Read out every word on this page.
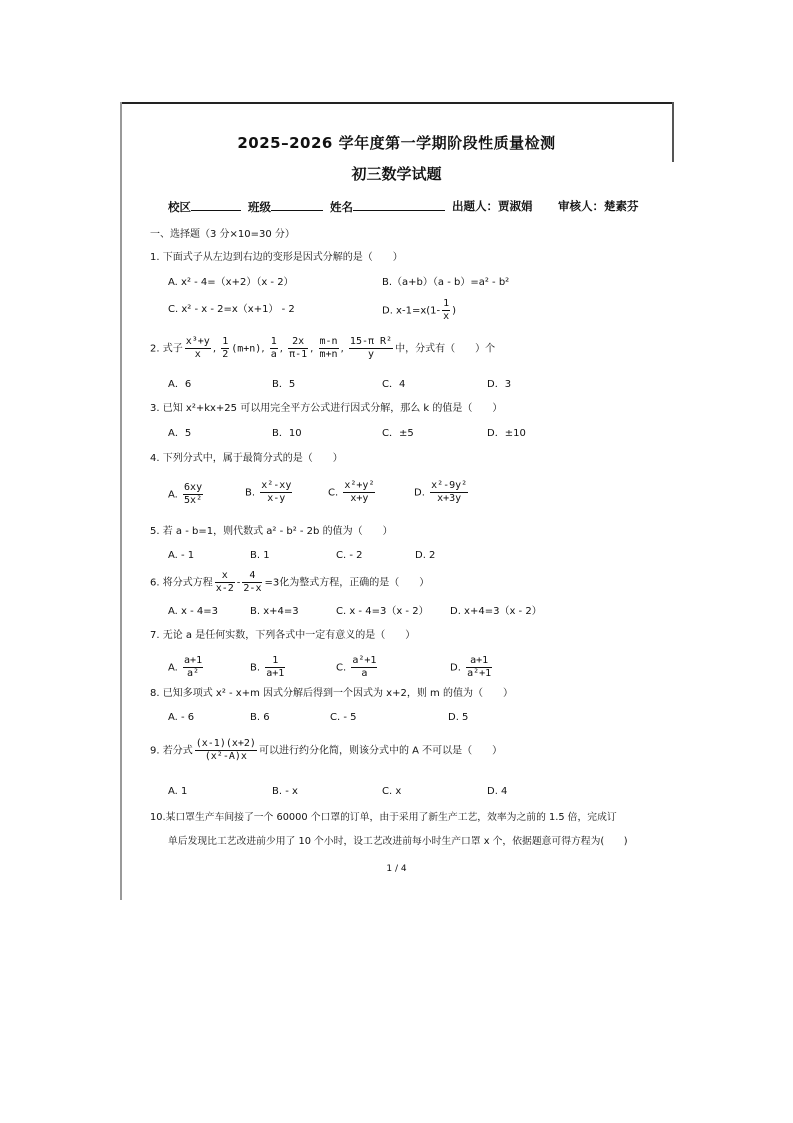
2025–2026 学年度第一学期阶段性质量检测
初三数学试题
校区	班级	姓名	出题人：贾淑娟 审核人：楚素芬
一、选择题（3 分×10=30 分）
1. 下面式子从左边到右边的变形是因式分解的是（　　）
A. x² - 4=（x+2）（x - 2）	B.（a+b）（a - b）=a² - b²
C. x² - x - 2=x（x+1） - 2	D. $x-1=x(1- \frac{1}{x}$ )
2. 式子 $\frac{\text{x³+y}}{x}$ , $\frac{1}{2} (m+n)$, $\frac{1}{a}$ , $\frac{2x}{\pi-1}$ , $\frac{m-n}{m+n}$ , $\frac{\text{15-π R²}}{y}$ 中，分式有（　　）个
A．6	B．5	C．4	D．3
3. 已知 x²+kx+25 可以用完全平方公式进行因式分解，那么 k 的值是（　　）
A．5	B．10	C．±5	D．±10
4. 下列分式中，属于最简分式的是（　　）
A. $\frac{6xy}{\text{5x²}}$	B. $\frac{\text{x²-xy}}{x-y}$	C. $\frac{\text{x²+y²}}{x+y}$	D. $\frac{\text{x²-9y²}}{x+3y}$
5. 若 a - b=1，则代数式 a² - b² - 2b 的值为（　　）
A. - 1	B. 1	C. - 2	D. 2
6. 将分式方程 $\frac{x}{x-2} - \frac{4}{2-x} =3$化为整式方程，正确的是（　　）
A. x - 4=3	B. x+4=3	C. x - 4=3（x - 2） D. x+4=3（x - 2）
7. 无论 a 是任何实数，下列各式中一定有意义的是（　　）
A. $\frac{a+1}{\text{a²}}$	B. $\frac{1}{a+1}$	C. $\frac{\text{a²+1}}{a}$	D. $\frac{a+1}{\text{a²+1}}$
8. 已知多项式 x² - x+m 因式分解后得到一个因式为 x+2，则 m 的值为（　　）
A. - 6	B. 6	C. - 5	D. 5
9. 若分式 $\frac{(x-1)(x+2)}{\text{(x²-A)x}}$ 可以进行约分化简，则该分式中的 A 不可以是（　　）
A. 1	B. - x	C. x	D. 4
10.某口罩生产车间接了一个 60000 个口罩的订单，由于采用了新生产工艺，效率为之前的 1.5 倍，完成订
单后发现比工艺改进前少用了 10 个小时，设工艺改进前每小时生产口罩 x 个，依据题意可得方程为(　　)
1 / 4
